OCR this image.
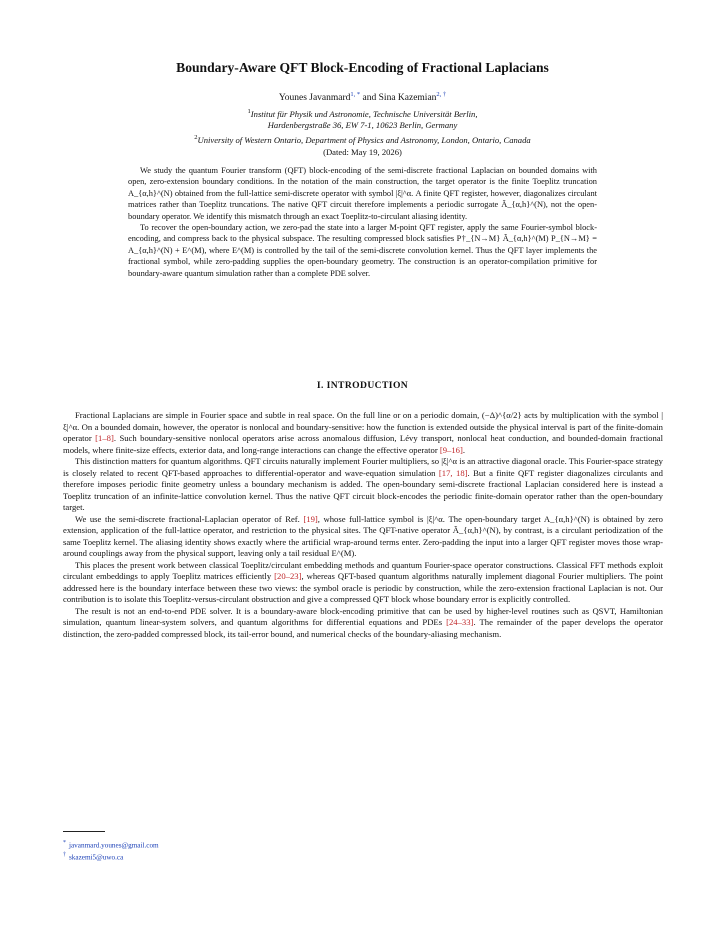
Boundary-Aware QFT Block-Encoding of Fractional Laplacians
Younes Javanmard$^{1, *}$ and Sina Kazemian$^{2, \dagger}$
$^1$Institut für Physik und Astronomie, Technische Universität Berlin,
Hardenbergstraße 36, EW 7-1, 10623 Berlin, Germany
$^2$University of Western Ontario, Department of Physics and Astronomy, London, Ontario, Canada
(Dated: May 19, 2026)

We study the quantum Fourier transform (QFT) block-encoding of the semi-discrete fractional Laplacian on bounded domains with open, zero-extension boundary conditions. In the notation of the main construction, the target operator is the finite Toeplitz truncation A_{α,h}^(N) obtained from the full-lattice semi-discrete operator with symbol |ξ|^α. A finite QFT register, however, diagonalizes circulant matrices rather than Toeplitz truncations. The native QFT circuit therefore implements a periodic surrogate Ã_{α,h}^(N), not the open-boundary operator. We identify this mismatch through an exact Toeplitz-to-circulant aliasing identity.

To recover the open-boundary action, we zero-pad the state into a larger M-point QFT register, apply the same Fourier-symbol block-encoding, and compress back to the physical subspace. The resulting compressed block satisfies P†_{N→M} Ã_{α,h}^(M) P_{N→M} = A_{α,h}^(N) + E^(M), where E^(M) is controlled by the tail of the semi-discrete convolution kernel. Thus the QFT layer implements the fractional symbol, while zero-padding supplies the open-boundary geometry. The construction is an operator-compilation primitive for boundary-aware quantum simulation rather than a complete PDE solver.

I. INTRODUCTION

Fractional Laplacians are simple in Fourier space and subtle in real space. On the full line or on a periodic domain, (−Δ)^{α/2} acts by multiplication with the symbol |ξ|^α. On a bounded domain, however, the operator is nonlocal and boundary-sensitive: how the function is extended outside the physical interval is part of the finite-domain operator [1–8]. Such boundary-sensitive nonlocal operators arise across anomalous diffusion, Lévy transport, nonlocal heat conduction, and bounded-domain fractional models, where finite-size effects, exterior data, and long-range interactions can change the effective operator [9–16].

This distinction matters for quantum algorithms. QFT circuits naturally implement Fourier multipliers, so |ξ|^α is an attractive diagonal oracle. This Fourier-space strategy is closely related to recent QFT-based approaches to differential-operator and wave-equation simulation [17, 18]. But a finite QFT register diagonalizes circulants and therefore imposes periodic finite geometry unless a boundary mechanism is added. The open-boundary semi-discrete fractional Laplacian considered here is instead a Toeplitz truncation of an infinite-lattice convolution kernel. Thus the native QFT circuit block-encodes the periodic finite-domain operator rather than the open-boundary target.

We use the semi-discrete fractional-Laplacian operator of Ref. [19], whose full-lattice symbol is |ξ|^α. The open-boundary target A_{α,h}^(N) is obtained by zero extension, application of the full-lattice operator, and restriction to the physical sites. The QFT-native operator Ã_{α,h}^(N), by contrast, is a circulant periodization of the same Toeplitz kernel. The aliasing identity shows exactly where the artificial wrap-around terms enter. Zero-padding the input into a larger QFT register moves those wrap-around couplings away from the physical support, leaving only a tail residual E^(M).

This places the present work between classical Toeplitz/circulant embedding methods and quantum Fourier-space operator constructions. Classical FFT methods exploit circulant embeddings to apply Toeplitz matrices efficiently [20–23], whereas QFT-based quantum algorithms naturally implement diagonal Fourier multipliers. The point addressed here is the boundary interface between these two views: the symbol oracle is periodic by construction, while the zero-extension fractional Laplacian is not. Our contribution is to isolate this Toeplitz-versus-circulant obstruction and give a compressed QFT block whose boundary error is explicitly controlled.

The result is not an end-to-end PDE solver. It is a boundary-aware block-encoding primitive that can be used by higher-level routines such as QSVT, Hamiltonian simulation, quantum linear-system solvers, and quantum algorithms for differential equations and PDEs [24–33]. The remainder of the paper develops the operator distinction, the zero-padded compressed block, its tail-error bound, and numerical checks of the boundary-aliasing mechanism.

* javanmard.younes@gmail.com
† skazemi5@uwo.ca
